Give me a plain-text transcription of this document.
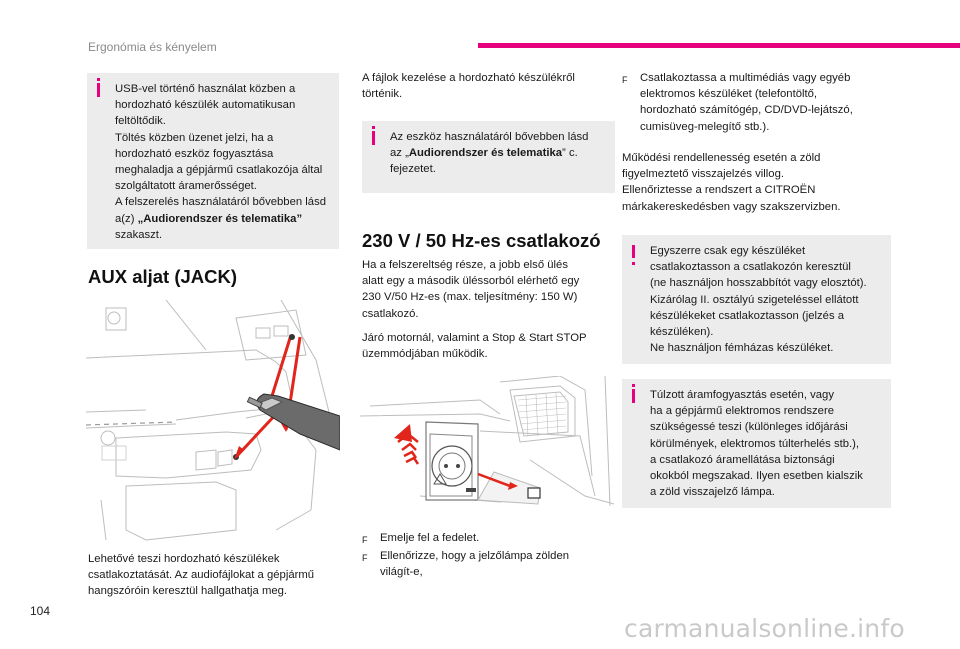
Ergonómia és kényelem

USB-vel történő használat közben a
hordozható készülék automatikusan
feltöltődik.
Töltés közben üzenet jelzi, ha a
hordozható eszköz fogyasztása
meghaladja a gépjármű csatlakozója által
szolgáltatott áramerősséget.
A felszerelés használatáról bővebben lásd
a(z) „Audiorendszer és telematika”
szakaszt.

AUX aljat (JACK)
Lehetővé teszi hordozható készülékek
csatlakoztatását. Az audiofájlokat a gépjármű
hangszóróin keresztül hallgathatja meg.
A fájlok kezelése a hordozható készülékről
történik.

Az eszköz használatáról bővebben lásd
az „Audiorendszer és telematika” c.
fejezetet.

230 V / 50 Hz-es csatlakozó
Ha a felszereltség része, a jobb első ülés
alatt egy a második üléssorból elérhető egy
230 V/50 Hz-es (max. teljesítmény: 150 W)
csatlakozó.
Járó motornál, valamint a Stop & Start STOP
üzemmódjában működik.
F	Emelje fel a fedelet.
F	Ellenőrizze, hogy a jelzőlámpa zölden
világít-e,
F	Csatlakoztassa a multimédiás vagy egyéb
elektromos készüléket (telefontöltő,
hordozható számítógép, CD/DVD-lejátszó,
cumisüveg-melegítő stb.).
Működési rendellenesség esetén a zöld
figyelmeztető visszajelzés villog.
Ellenőriztesse a rendszert a CITROËN
márkakereskedésben vagy szakszervizben.

Egyszerre csak egy készüléket
csatlakoztasson a csatlakozón keresztül
(ne használjon hosszabbítót vagy elosztót).
Kizárólag II. osztályú szigeteléssel ellátott
készülékeket csatlakoztasson (jelzés a
készüléken).
Ne használjon fémházas készüléket.

Túlzott áramfogyasztás esetén, vagy
ha a gépjármű elektromos rendszere
szükségessé teszi (különleges időjárási
körülmények, elektromos túlterhelés stb.),
a csatlakozó áramellátása biztonsági
okokból megszakad. Ilyen esetben kialszik
a zöld visszajelző lámpa.

104
carmanualsonline.info
